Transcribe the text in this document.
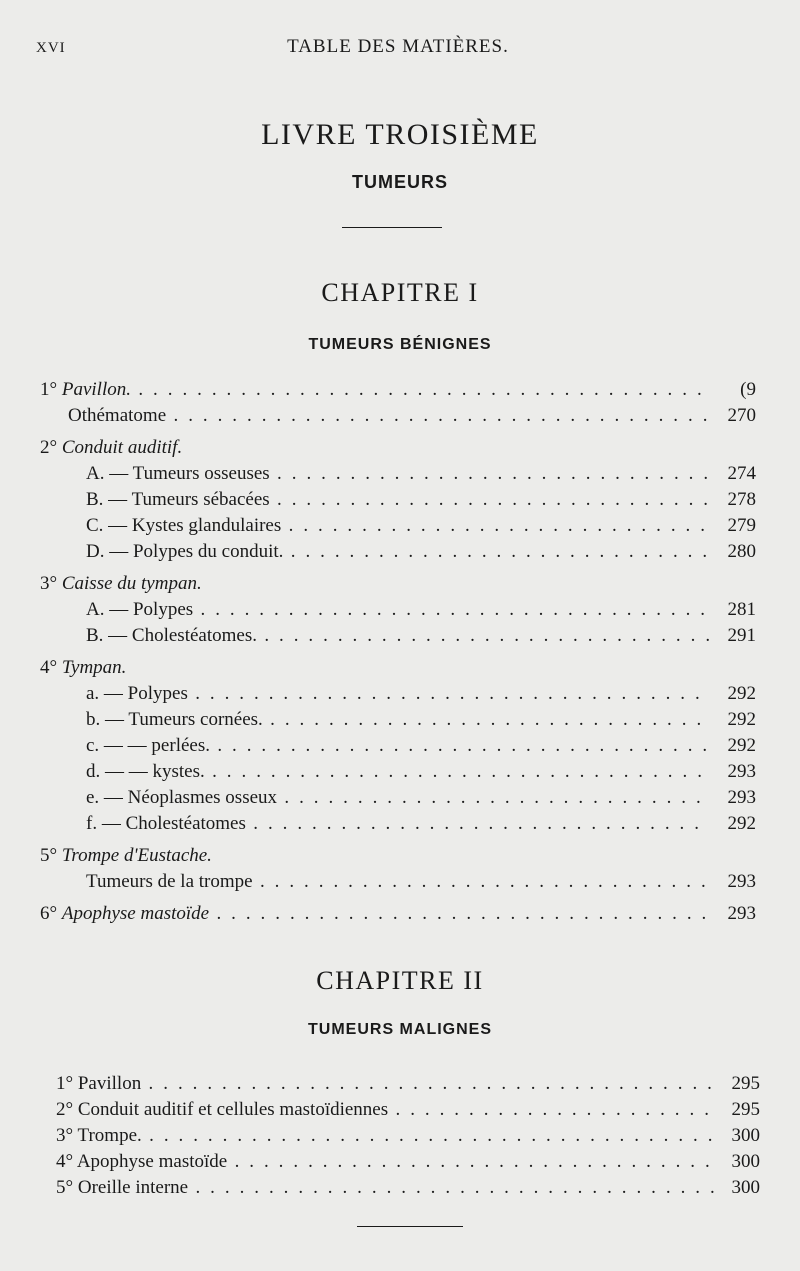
XVI	TABLE DES MATIÈRES.
LIVRE TROISIÈME
TUMEURS
CHAPITRE I
TUMEURS BÉNIGNES
1° Pavillon. . . .	(9
Othématome . . .	270
2° Conduit auditif.
A. — Tumeurs osseuses . . .	274
B. — Tumeurs sébacées . . .	278
C. — Kystes glandulaires . . .	279
D. — Polypes du conduit. . . .	280
3° Caisse du tympan.
A. — Polypes . . .	281
B. — Cholestéatomes. . . .	291
4° Tympan.
a. — Polypes . . .	292
b. — Tumeurs cornées. . . .	292
c. — — perlées. . . .	292
d. — — kystes. . . .	293
e. — Néoplasmes osseux . . .	293
f. — Cholestéatomes . . .	292
5° Trompe d'Eustache.
Tumeurs de la trompe . . .	293
6° Apophyse mastoïde . . .	293
CHAPITRE II
TUMEURS MALIGNES
1° Pavillon . . .	295
2° Conduit auditif et cellules mastoïdiennes . . .	295
3° Trompe. . . .	300
4° Apophyse mastoïde . . .	300
5° Oreille interne . . .	300
